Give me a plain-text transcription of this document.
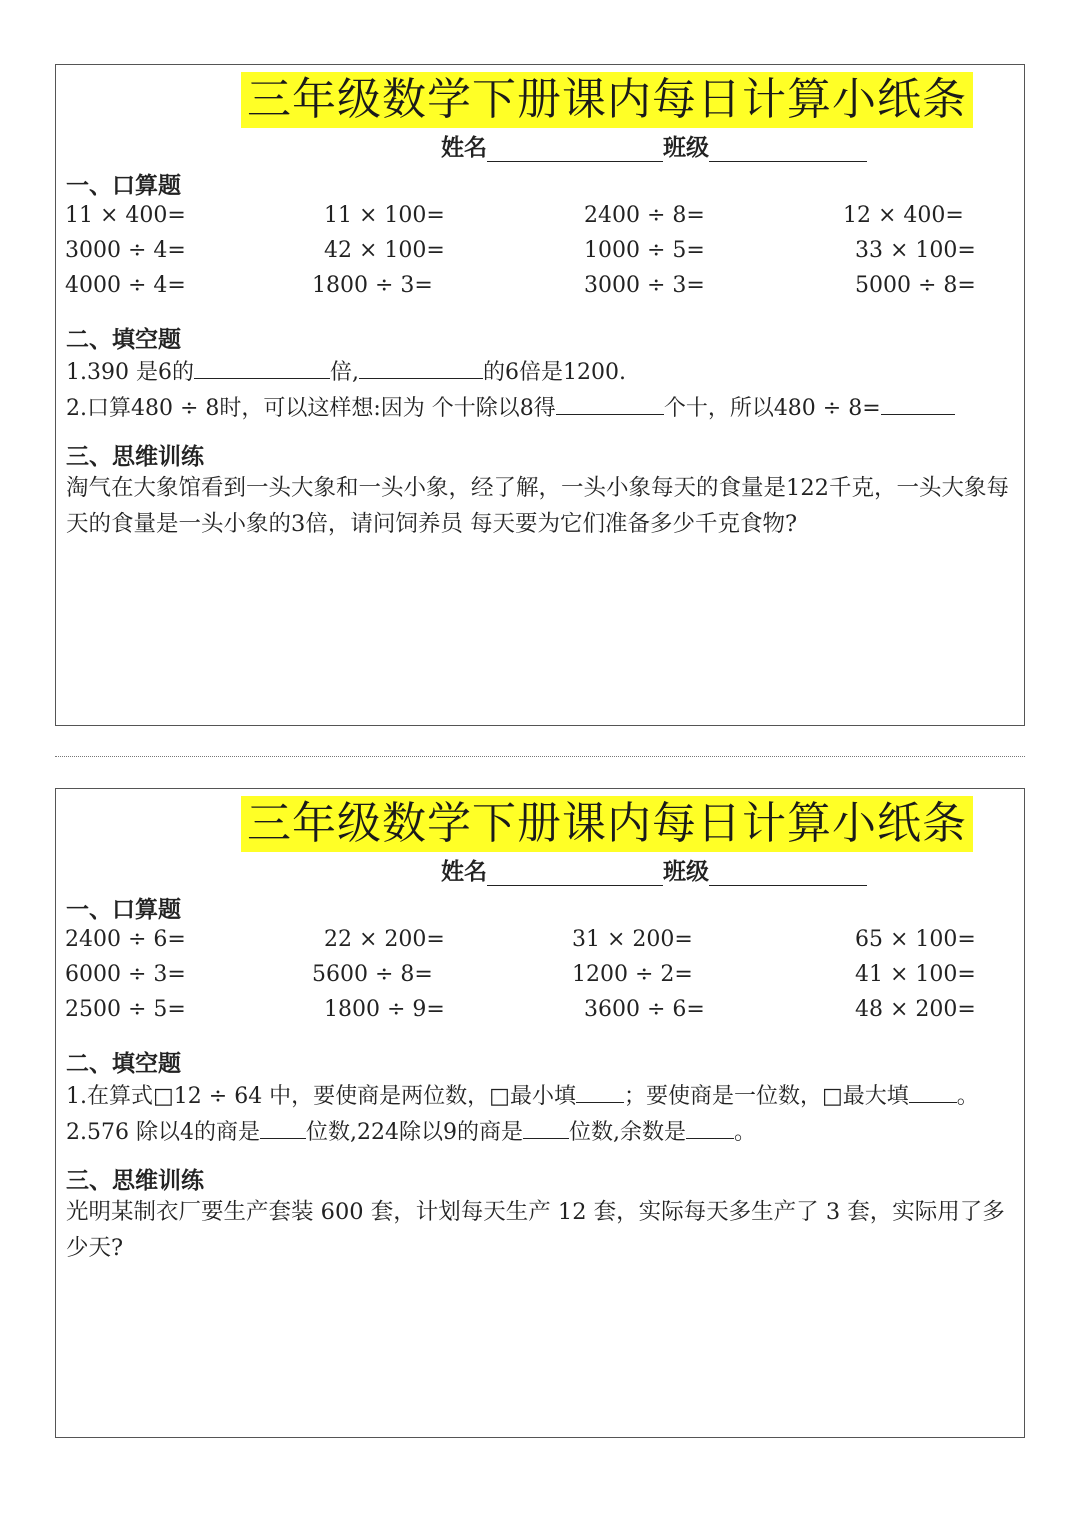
三年级数学下册课内每日计算小纸条
姓名	班级
一、口算题
11 × 400=	11 × 100=	2400 ÷ 8=	12 × 400=
3000 ÷ 4=	42 × 100=	1000 ÷ 5=	33 × 100=
4000 ÷ 4=	1800 ÷ 3=	3000 ÷ 3=	5000 ÷ 8=
二、填空题
1.390 是6的	倍,	的6倍是1200.
2.口算480 ÷ 8时，可以这样想:因为 个十除以8得	个十，所以480 ÷ 8=
三、思维训练
淘气在大象馆看到一头大象和一头小象，经了解，一头小象每天的食量是122千克，一头大象每天的食量是一头小象的3倍，请问饲养员 每天要为它们准备多少千克食物?
三年级数学下册课内每日计算小纸条
姓名	班级
一、口算题
2400 ÷ 6=	22 × 200=	31 × 200=	65 × 100=
6000 ÷ 3=	5600 ÷ 8=	1200 ÷ 2=	41 × 100=
2500 ÷ 5=	1800 ÷ 9=	3600 ÷ 6=	48 × 200=
二、填空题
1.在算式□12 ÷ 64 中，要使商是两位数，□最小填 ；要使商是一位数，□最大填 。
2.576 除以4的商是 位数,224除以9的商是 位数,余数是 。
三、思维训练
光明某制衣厂要生产套装 600 套，计划每天生产 12 套，实际每天多生产了 3 套，实际用了多少天?
